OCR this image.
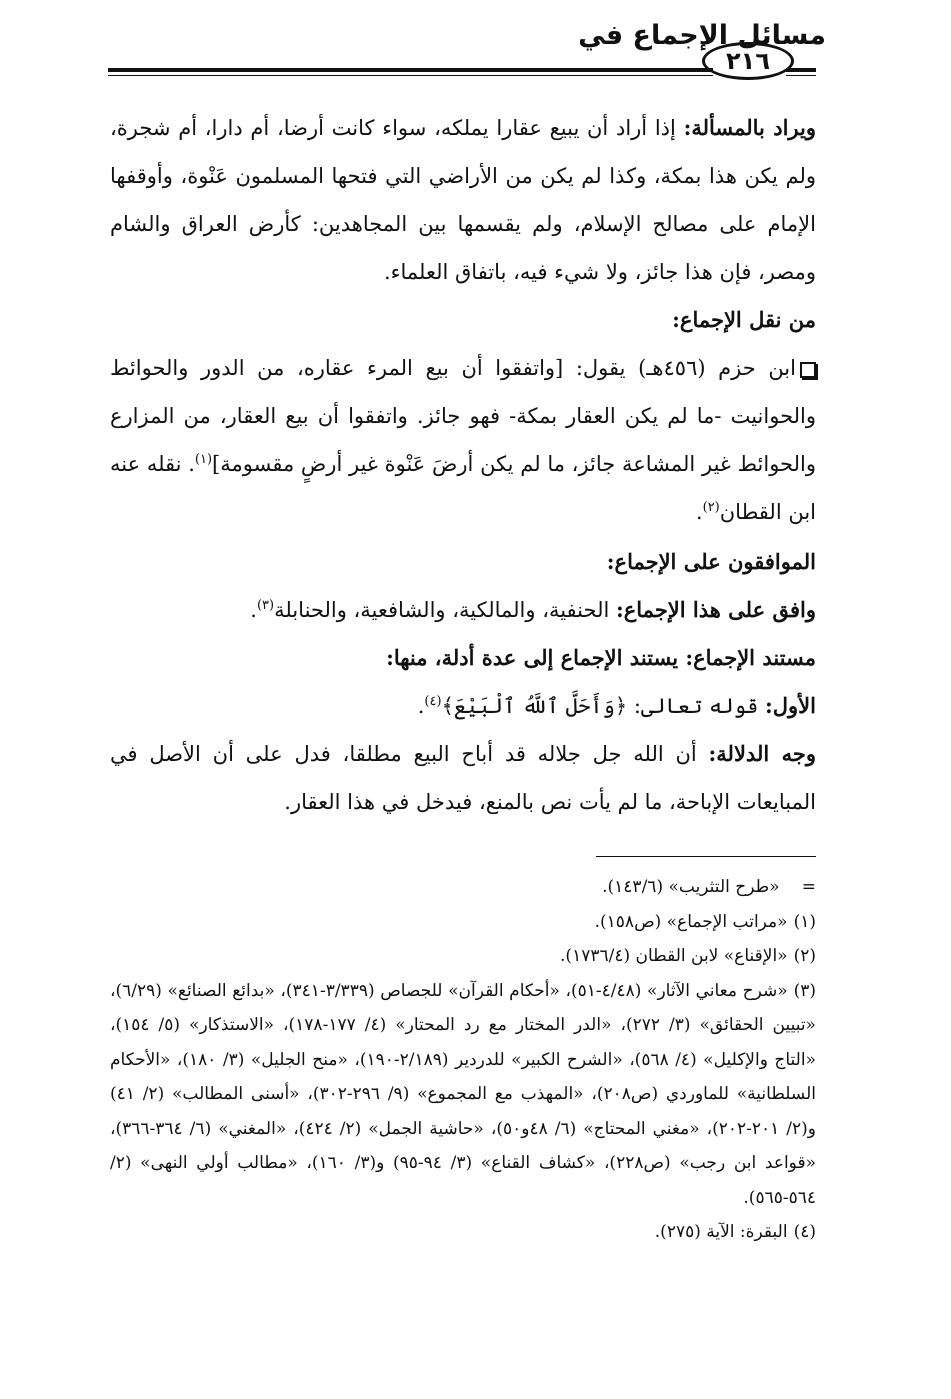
مسائل الإجماع في
٢١٦

ويراد بالمسألة: إذا أراد أن يبيع عقارا يملكه، سواء كانت أرضا، أم دارا، أم شجرة، ولم يكن هذا بمكة، وكذا لم يكن من الأراضي التي فتحها المسلمون عَنْوة، وأوقفها الإمام على مصالح الإسلام، ولم يقسمها بين المجاهدين: كأرض العراق والشام ومصر، فإن هذا جائز، ولا شيء فيه، باتفاق العلماء.

من نقل الإجماع:

ابن حزم (٤٥٦هـ) يقول: [واتفقوا أن بيع المرء عقاره، من الدور والحوائط والحوانيت -ما لم يكن العقار بمكة- فهو جائز. واتفقوا أن بيع العقار، من المزارع والحوائط غير المشاعة جائز، ما لم يكن أرضَ عَنْوة غير أرضٍ مقسومة]$^{(١)}$. نقله عنه ابن القطان$^{(٢)}$.

الموافقون على الإجماع:

وافق على هذا الإجماع: الحنفية، والمالكية، والشافعية، والحنابلة$^{(٣)}$.

مستند الإجماع: يستند الإجماع إلى عدة أدلة، منها:

الأول: قوله تعالى: ﴿وَأَحَلَّ ٱللَّهُ ٱلْبَيْعَ﴾$^{(٤)}$.

وجه الدلالة: أن الله جل جلاله قد أباح البيع مطلقا، فدل على أن الأصل في المبايعات الإباحة، ما لم يأت نص بالمنع، فيدخل في هذا العقار.

=   «طرح التثريب» (١٤٣/٦).

(١)«مراتب الإجماع» (ص١٥٨).

(٢)«الإقناع» لابن القطان (١٧٣٦/٤).

(٣)«شرح معاني الآثار» (٤/٤٨-٥١)، «أحكام القرآن» للجصاص (٣/٣٣٩-٣٤١)، «بدائع الصنائع» (٦/٢٩)، «تبيين الحقائق» (٣/ ٢٧٢)، «الدر المختار مع رد المحتار» (٤/ ١٧٧-١٧٨)، «الاستذكار» (٥/ ١٥٤)، «التاج والإكليل» (٤/ ٥٦٨)، «الشرح الكبير» للدردير (٢/١٨٩-١٩٠)، «منح الجليل» (٣/ ١٨٠)، «الأحكام السلطانية» للماوردي (ص٢٠٨)، «المهذب مع المجموع» (٩/ ٢٩٦-٣٠٢)، «أسنى المطالب» (٢/ ٤١) و(٢/ ٢٠١-٢٠٢)، «مغني المحتاج» (٦/ ٤٨و٥٠)، «حاشية الجمل» (٢/ ٤٢٤)، «المغني» (٦/ ٣٦٤-٣٦٦)، «قواعد ابن رجب» (ص٢٢٨)، «كشاف القناع» (٣/ ٩٤-٩٥) و(٣/ ١٦٠)، «مطالب أولي النهى» (٢/ ٥٦٤-٥٦٥).

(٤)البقرة: الآية (٢٧٥).
